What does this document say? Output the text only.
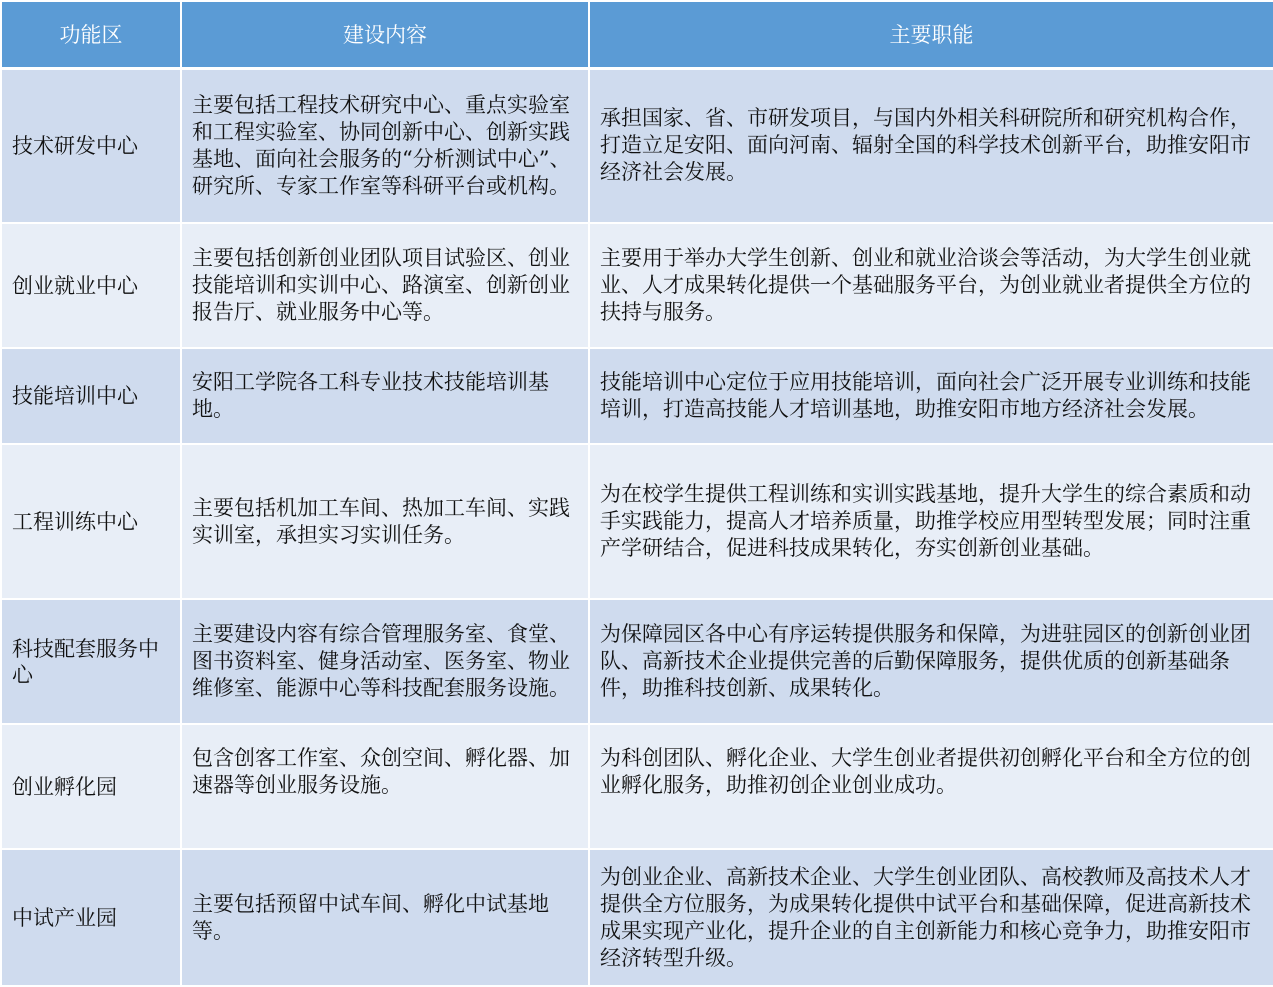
功能区	建设内容	主要职能
技术研发中心	主要包括工程技术研究中心、重点实验室和工程实验室、协同创新中心、创新实践基地、面向社会服务的“分析测试中心”、研究所、专家工作室等科研平台或机构。	承担国家、省、市研发项目，与国内外相关科研院所和研究机构合作，打造立足安阳、面向河南、辐射全国的科学技术创新平台，助推安阳市经济社会发展。
创业就业中心	主要包括创新创业团队项目试验区、创业技能培训和实训中心、路演室、创新创业报告厅、就业服务中心等。	主要用于举办大学生创新、创业和就业洽谈会等活动，为大学生创业就业、人才成果转化提供一个基础服务平台，为创业就业者提供全方位的扶持与服务。
技能培训中心	安阳工学院各工科专业技术技能培训基地。	技能培训中心定位于应用技能培训，面向社会广泛开展专业训练和技能培训，打造高技能人才培训基地，助推安阳市地方经济社会发展。
工程训练中心	主要包括机加工车间、热加工车间、实践实训室，承担实习实训任务。	为在校学生提供工程训练和实训实践基地，提升大学生的综合素质和动手实践能力，提高人才培养质量，助推学校应用型转型发展；同时注重产学研结合，促进科技成果转化，夯实创新创业基础。
科技配套服务中心	主要建设内容有综合管理服务室、食堂、图书资料室、健身活动室、医务室、物业维修室、能源中心等科技配套服务设施。	为保障园区各中心有序运转提供服务和保障，为进驻园区的创新创业团队、高新技术企业提供完善的后勤保障服务，提供优质的创新基础条件，助推科技创新、成果转化。
创业孵化园	包含创客工作室、众创空间、孵化器、加速器等创业服务设施。	为科创团队、孵化企业、大学生创业者提供初创孵化平台和全方位的创业孵化服务，助推初创企业创业成功。
中试产业园	主要包括预留中试车间、孵化中试基地等。	为创业企业、高新技术企业、大学生创业团队、高校教师及高技术人才提供全方位服务，为成果转化提供中试平台和基础保障，促进高新技术成果实现产业化，提升企业的自主创新能力和核心竞争力，助推安阳市经济转型升级。
